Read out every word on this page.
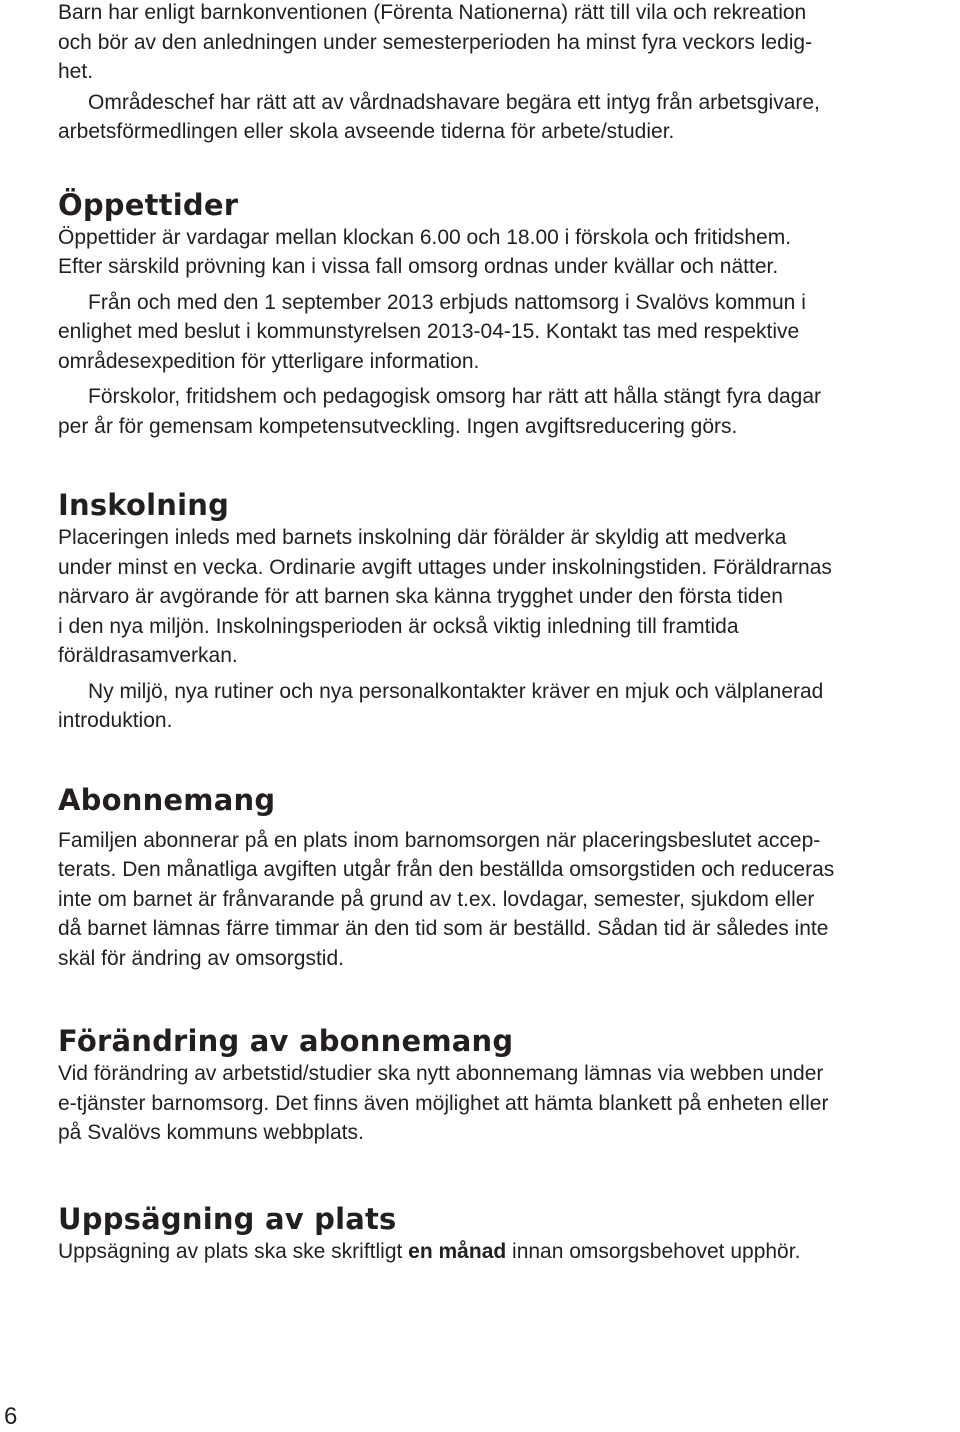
Barn har enligt barnkonventionen (Förenta Nationerna) rätt till vila och rekreation
och bör av den anledningen under semesterperioden ha minst fyra veckors ledig-
het.

Områdeschef har rätt att av vårdnadshavare begära ett intyg från arbetsgivare,
arbetsförmedlingen eller skola avseende tiderna för arbete/studier.

Öppettider

Öppettider är vardagar mellan klockan 6.00 och 18.00 i förskola och fritidshem.
Efter särskild prövning kan i vissa fall omsorg ordnas under kvällar och nätter.

Från och med den 1 september 2013 erbjuds nattomsorg i Svalövs kommun i
enlighet med beslut i kommunstyrelsen 2013-04-15. Kontakt tas med respektive
områdesexpedition för ytterligare information.

Förskolor, fritidshem och pedagogisk omsorg har rätt att hålla stängt fyra dagar
per år för gemensam kompetensutveckling. Ingen avgiftsreducering görs.

Inskolning

Placeringen inleds med barnets inskolning där förälder är skyldig att medverka
under minst en vecka. Ordinarie avgift uttages under inskolningstiden. Föräldrarnas
närvaro är avgörande för att barnen ska känna trygghet under den första tiden
i den nya miljön. Inskolningsperioden är också viktig inledning till framtida
föräldrasamverkan.

Ny miljö, nya rutiner och nya personalkontakter kräver en mjuk och välplanerad
introduktion.

Abonnemang

Familjen abonnerar på en plats inom barnomsorgen när placeringsbeslutet accep-
terats. Den månatliga avgiften utgår från den beställda omsorgstiden och reduceras
inte om barnet är frånvarande på grund av t.ex. lovdagar, semester, sjukdom eller
då barnet lämnas färre timmar än den tid som är beställd. Sådan tid är således inte
skäl för ändring av omsorgstid.

Förändring av abonnemang

Vid förändring av arbetstid/studier ska nytt abonnemang lämnas via webben under
e-tjänster barnomsorg. Det finns även möjlighet att hämta blankett på enheten eller
på Svalövs kommuns webbplats.

Uppsägning av plats

Uppsägning av plats ska ske skriftligt en månad innan omsorgsbehovet upphör.

6
